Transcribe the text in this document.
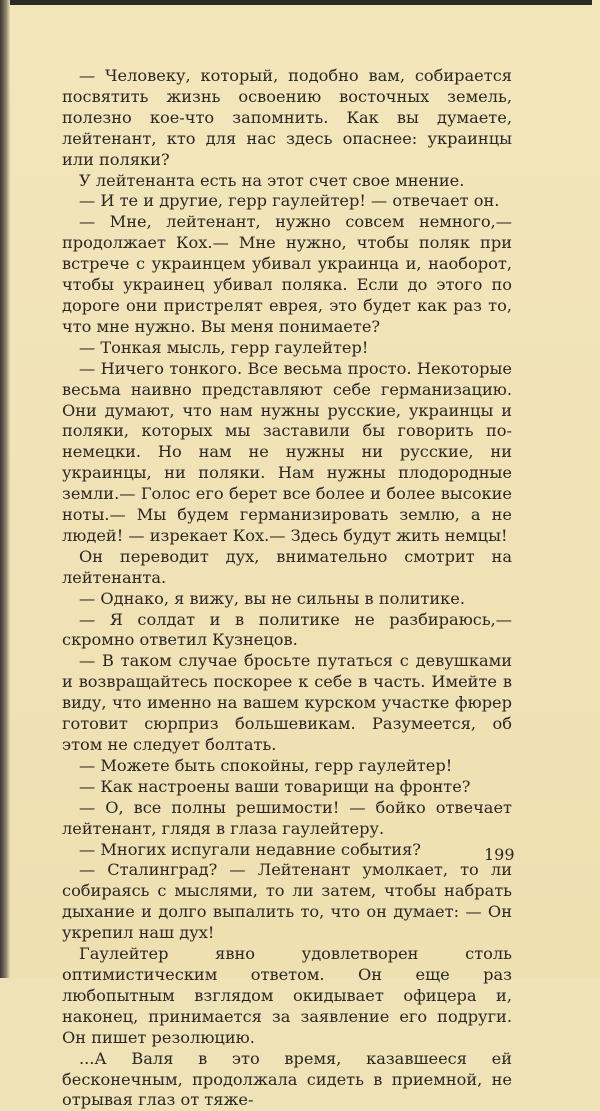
— Человеку, который, подобно вам, собирается посвятить жизнь освоению восточных земель, полезно кое-что запомнить. Как вы думаете, лейтенант, кто для нас здесь опаснее: украинцы или поляки?

У лейтенанта есть на этот счет свое мнение.

— И те и другие, герр гаулейтер! — отвечает он.

— Мне, лейтенант, нужно совсем немного,— продолжает Кох.— Мне нужно, чтобы поляк при встрече с украинцем убивал украинца и, наоборот, чтобы украинец убивал поляка. Если до этого по дороге они пристрелят еврея, это будет как раз то, что мне нужно. Вы меня понимаете?

— Тонкая мысль, герр гаулейтер!

— Ничего тонкого. Все весьма просто. Некоторые весьма наивно представляют себе германизацию. Они думают, что нам нужны русские, украинцы и поляки, которых мы заставили бы говорить по-немецки. Но нам не нужны ни русские, ни украинцы, ни поляки. Нам нужны плодородные земли.— Голос его берет все более и более высокие ноты.— Мы будем германизировать землю, а не людей! — изрекает Кох.— Здесь будут жить немцы!

Он переводит дух, внимательно смотрит на лейтенанта.

— Однако, я вижу, вы не сильны в политике.

— Я солдат и в политике не разбираюсь,— скромно ответил Кузнецов.

— В таком случае бросьте путаться с девушками и возвращайтесь поскорее к себе в часть. Имейте в виду, что именно на вашем курском участке фюрер готовит сюрприз большевикам. Разумеется, об этом не следует болтать.

— Можете быть спокойны, герр гаулейтер!

— Как настроены ваши товарищи на фронте?

— О, все полны решимости! — бойко отвечает лейтенант, глядя в глаза гаулейтеру.

— Многих испугали недавние события?

— Сталинград? — Лейтенант умолкает, то ли собираясь с мыслями, то ли затем, чтобы набрать дыхание и долго выпалить то, что он думает: — Он укрепил наш дух!

Гаулейтер явно удовлетворен столь оптимистическим ответом. Он еще раз любопытным взглядом окидывает офицера и, наконец, принимается за заявление его подруги. Он пишет резолюцию.

...А Валя в это время, казавшееся ей бесконечным, продолжала сидеть в приемной, не отрывая глаз от тяже-

199
